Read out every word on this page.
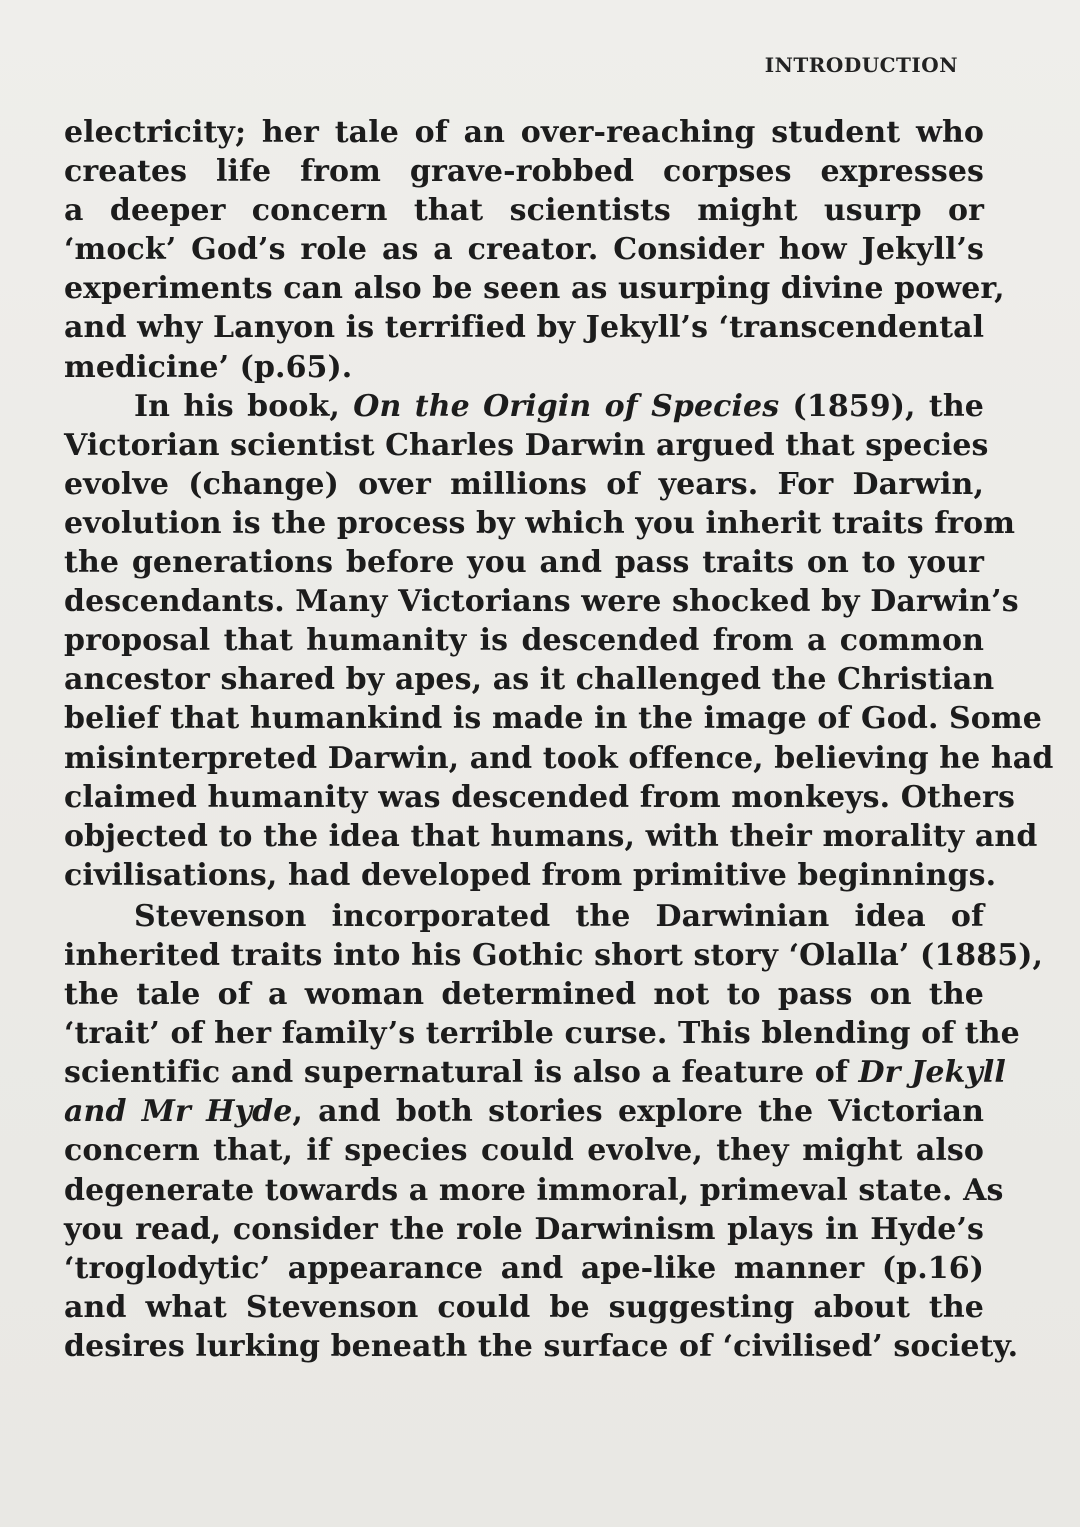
INTRODUCTION
electricity; her tale of an over-reaching student who
creates life from grave-robbed corpses expresses
a deeper concern that scientists might usurp or
‘mock’ God’s role as a creator. Consider how Jekyll’s
experiments can also be seen as usurping divine power,
and why Lanyon is terrified by Jekyll’s ‘transcendental
medicine’ (p.65).
In his book, On the Origin of Species (1859), the
Victorian scientist Charles Darwin argued that species
evolve (change) over millions of years. For Darwin,
evolution is the process by which you inherit traits from
the generations before you and pass traits on to your
descendants. Many Victorians were shocked by Darwin’s
proposal that humanity is descended from a common
ancestor shared by apes, as it challenged the Christian
belief that humankind is made in the image of God. Some
misinterpreted Darwin, and took offence, believing he had
claimed humanity was descended from monkeys. Others
objected to the idea that humans, with their morality and
civilisations, had developed from primitive beginnings.
Stevenson incorporated the Darwinian idea of
inherited traits into his Gothic short story ‘Olalla’ (1885),
the tale of a woman determined not to pass on the
‘trait’ of her family’s terrible curse. This blending of the
scientific and supernatural is also a feature of Dr Jekyll
and Mr Hyde, and both stories explore the Victorian
concern that, if species could evolve, they might also
degenerate towards a more immoral, primeval state. As
you read, consider the role Darwinism plays in Hyde’s
‘troglodytic’ appearance and ape-like manner (p.16)
and what Stevenson could be suggesting about the
desires lurking beneath the surface of ‘civilised’ society.
